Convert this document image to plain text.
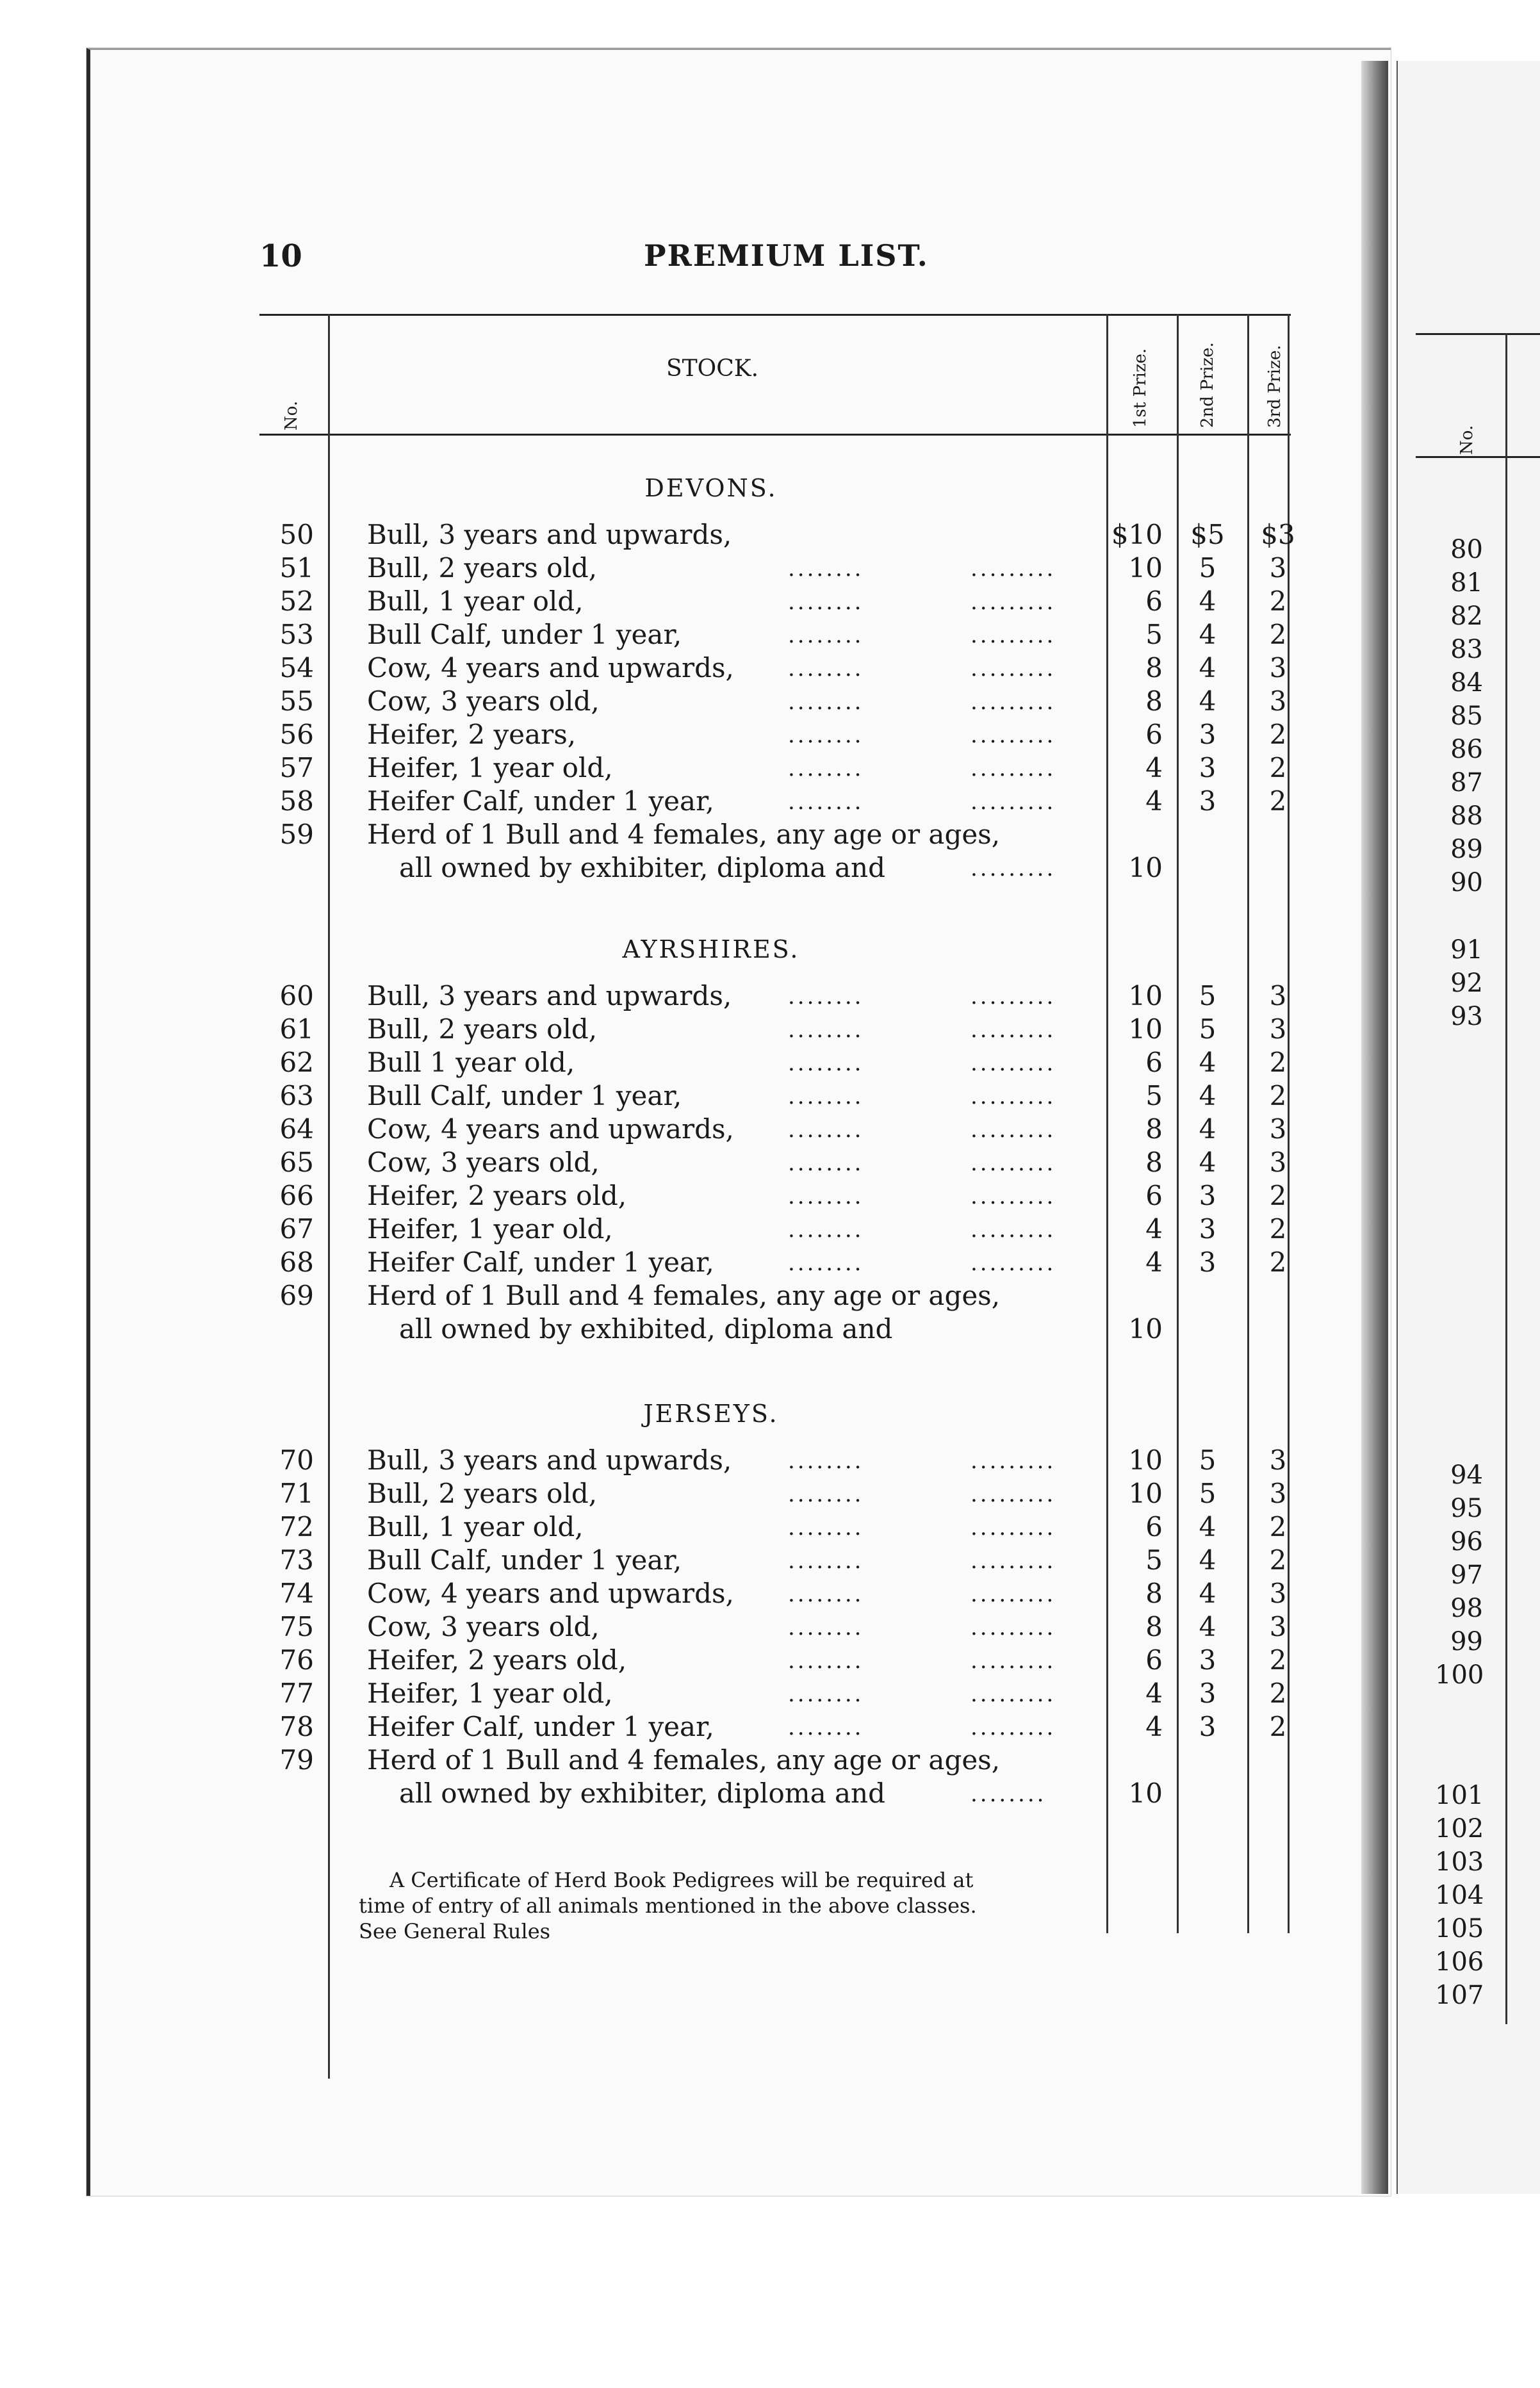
10	PREMIUM LIST.
No.
STOCK.	1st Prize.	2nd Prize.	3rd Prize.
DEVONS.
50 Bull, 3 years and upwards,	$10	$5	$3
51 Bull, 2 years old,	........	.........	10	5	3
52 Bull, 1 year old,	........	.........	6	4	2
53 Bull Calf, under 1 year,	........	.........	5	4	2
54 Cow, 4 years and upwards, ........	.........	8	4	3
55 Cow, 3 years old,	........	.........	8	4	3
56 Heifer, 2 years,	........	.........	6	3	2
57 Heifer, 1 year old,	........	.........	4	3	2
58 Heifer Calf, under 1 year,	........	.........	4	3	2
59 Herd of 1 Bull and 4 females, any age or ages,
all owned by exhibiter, diploma and	.........	10
AYRSHIRES.
60 Bull, 3 years and upwards,	........	.........	10	5	3
61 Bull, 2 years old,	........	.........	10	5	3
62 Bull 1 year old,	........	.........	6	4	2
63 Bull Calf, under 1 year,	........	.........	5	4	2
64 Cow, 4 years and upwards, ........	.........	8	4	3
65 Cow, 3 years old,	........	.........	8	4	3
66 Heifer, 2 years old,	........	.........	6	3	2
67 Heifer, 1 year old,	........	.........	4	3	2
68 Heifer Calf, under 1 year,	........	.........	4	3	2
69 Herd of 1 Bull and 4 females, any age or ages,
all owned by exhibited, diploma and	10
JERSEYS.
70 Bull, 3 years and upwards,	........	.........	10	5	3
71 Bull, 2 years old,	........	.........	10	5	3
72 Bull, 1 year old,	........	.........	6	4	2
73 Bull Calf, under 1 year,	........	.........	5	4	2
74 Cow, 4 years and upwards, ........	.........	8	4	3
75 Cow, 3 years old,	........	.........	8	4	3
76 Heifer, 2 years old,	........	.........	6	3	2
77 Heifer, 1 year old,	........	.........	4	3	2
78 Heifer Calf, under 1 year,	........	.........	4	3	2
79 Herd of 1 Bull and 4 females, any age or ages,
all owned by exhibiter, diploma and	........	10
A Certificate of Herd Book Pedigrees will be required at
time of entry of all animals mentioned in the above classes.
See General Rules
No.
80
81
82
83
84
85
86
87
88
89
90
91
92
93
94
95
96
97
98
99
100
101
102
103
104
105
106
107
